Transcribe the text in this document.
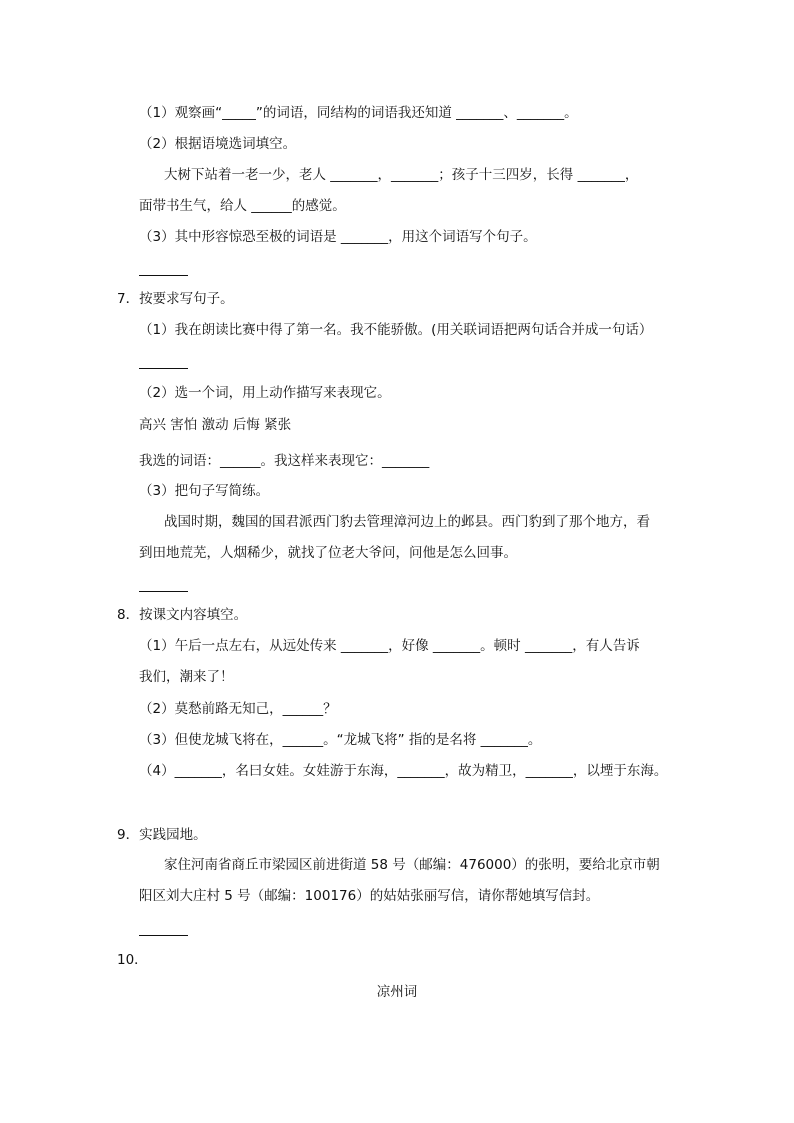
（1）观察画“_____”的词语，同结构的词语我还知道 _______、_______。
（2）根据语境选词填空。
大树下站着一老一少，老人 _______，_______；孩子十三四岁，长得 _______，
面带书生气，给人 ______的感觉。
（3）其中形容惊恐至极的词语是 _______，用这个词语写个句子。
7．按要求写句子。
（1）我在朗读比赛中得了第一名。我不能骄傲。(用关联词语把两句话合并成一句话）
（2）选一个词，用上动作描写来表现它。
高兴 害怕 激动 后悔 紧张
我选的词语：______。我这样来表现它：_______
（3）把句子写简练。
战国时期，魏国的国君派西门豹去管理漳河边上的邺县。西门豹到了那个地方，看
到田地荒芜，人烟稀少，就找了位老大爷问，问他是怎么回事。
8．按课文内容填空。
（1）午后一点左右，从远处传来 _______，好像 _______。顿时 _______，有人告诉
我们，潮来了！
（2）莫愁前路无知己，______？
（3）但使龙城飞将在，______。“龙城飞将” 指的是名将 _______。
（4）_______，名曰女娃。女娃游于东海，_______，故为精卫，_______，以堙于东海。
9．实践园地。
家住河南省商丘市梁园区前进街道 58 号（邮编：476000）的张明，要给北京市朝
阳区刘大庄村 5 号（邮编：100176）的姑姑张丽写信，请你帮她填写信封。
10．
凉州词
